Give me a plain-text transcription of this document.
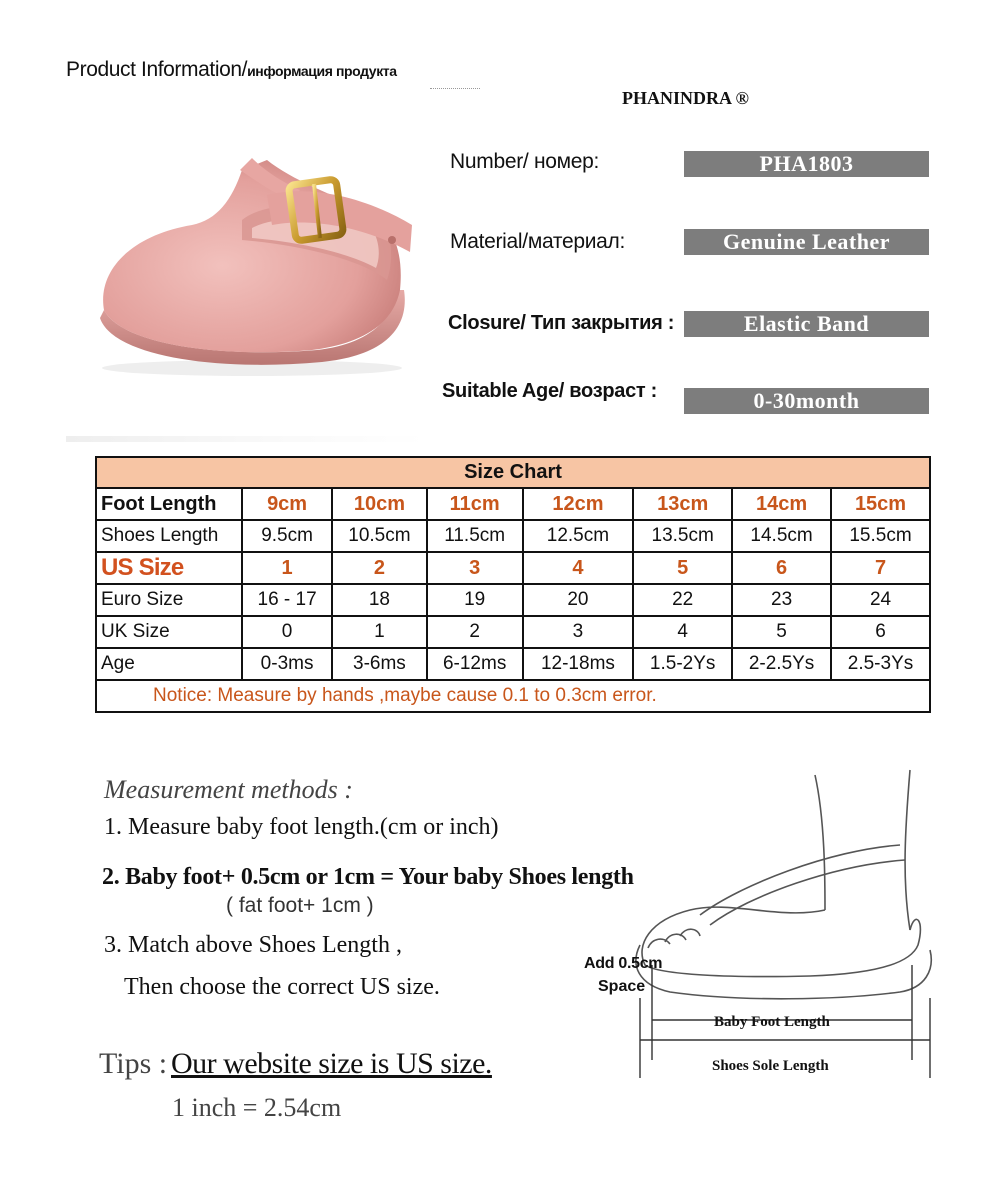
Product Information/информация продукта
PHANINDRA ®
Number/ номер:	PHA1803
Material/материал:	Genuine Leather
Closure/ Тип закрытия :	Elastic Band
Suitable Age/ возраст :	0-30month
Size Chart							
Foot Length	9cm	10cm	11cm	12cm	13cm	14cm	15cm
Shoes Length	9.5cm	10.5cm	11.5cm	12.5cm	13.5cm	14.5cm	15.5cm
US Size	1	2	3	4	5	6	7
Euro Size	16 - 17	18	19	20	22	23	24
UK Size	0	1	2	3	4	5	6
Age	0-3ms	3-6ms	6-12ms	12-18ms	1.5-2Ys	2-2.5Ys	2.5-3Ys
Notice: Measure by hands ,maybe cause 0.1 to 0.3cm error.							
Measurement methods :
1. Measure baby foot length.(cm or inch)
2. Baby foot+ 0.5cm or 1cm = Your baby Shoes length
( fat foot+ 1cm )
3. Match above Shoes Length ,
Then choose the correct US size.
Tips : Our website size is US size.
1 inch = 2.54cm
Add 0.5cm
Space
Baby Foot Length
Shoes Sole Length
